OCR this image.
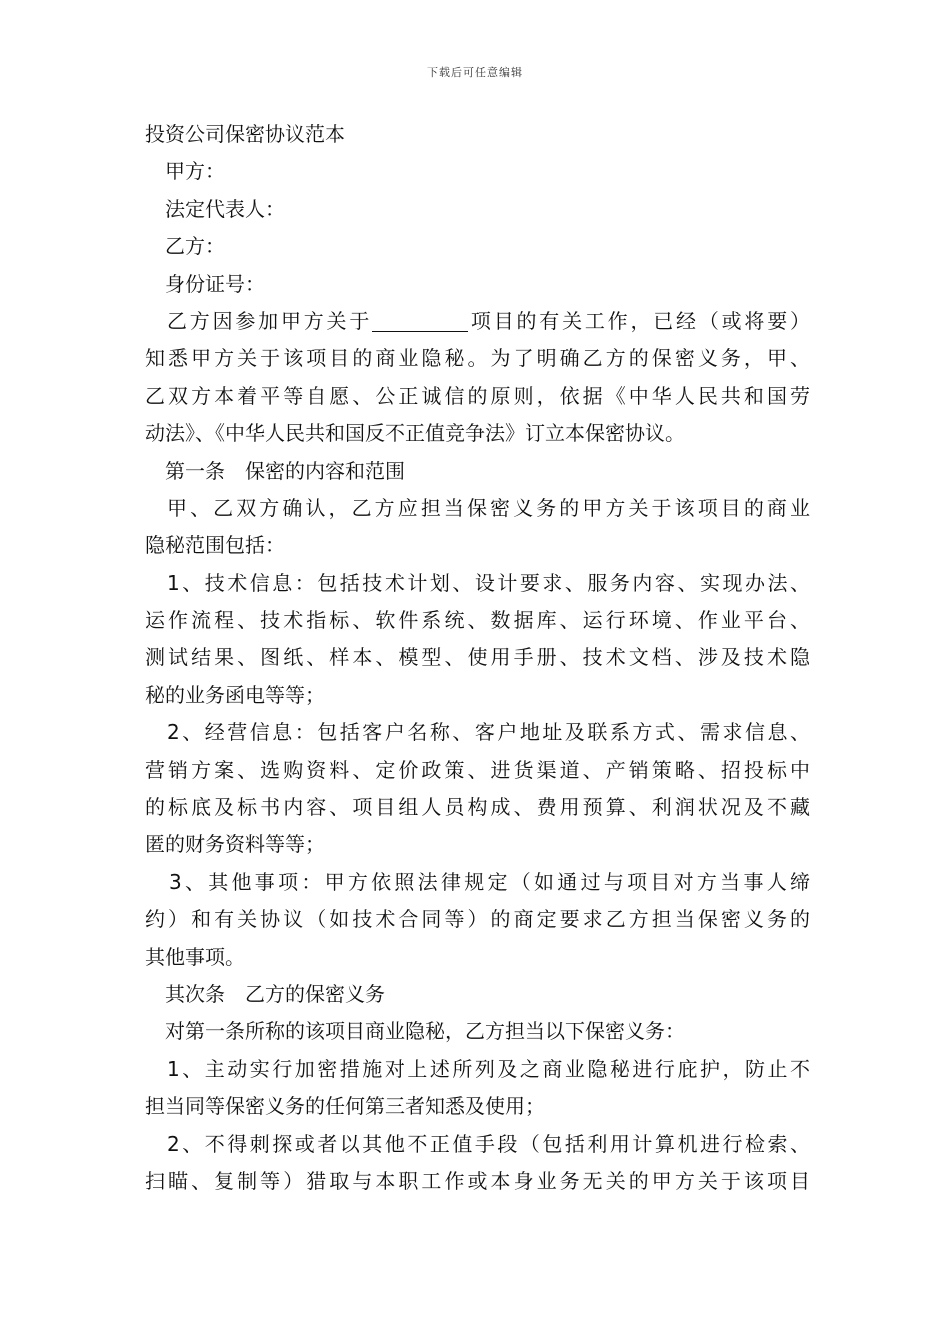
下载后可任意编辑
投资公司保密协议范本
甲方：
法定代表人：
乙方：
身份证号：
乙方因参加甲方关于	项目的有关工作，已经（或将要）
知悉甲方关于该项目的商业隐秘。为了明确乙方的保密义务，甲、
乙双方本着平等自愿、公正诚信的原则，依据《中华人民共和国劳
动法》、《中华人民共和国反不正值竞争法》订立本保密协议。
第一条 保密的内容和范围
甲、乙双方确认，乙方应担当保密义务的甲方关于该项目的商业
隐秘范围包括：
1、技术信息：包括技术计划、设计要求、服务内容、实现办法、
运作流程、技术指标、软件系统、数据库、运行环境、作业平台、
测试结果、图纸、样本、模型、使用手册、技术文档、涉及技术隐
秘的业务函电等等；
2、经营信息：包括客户名称、客户地址及联系方式、需求信息、
营销方案、选购资料、定价政策、进货渠道、产销策略、招投标中
的标底及标书内容、项目组人员构成、费用预算、利润状况及不藏
匿的财务资料等等；
3、其他事项：甲方依照法律规定（如通过与项目对方当事人缔
约）和有关协议（如技术合同等）的商定要求乙方担当保密义务的
其他事项。
其次条 乙方的保密义务
对第一条所称的该项目商业隐秘，乙方担当以下保密义务：
1、主动实行加密措施对上述所列及之商业隐秘进行庇护，防止不
担当同等保密义务的任何第三者知悉及使用；
2、不得刺探或者以其他不正值手段（包括利用计算机进行检索、
扫瞄、复制等）猎取与本职工作或本身业务无关的甲方关于该项目
